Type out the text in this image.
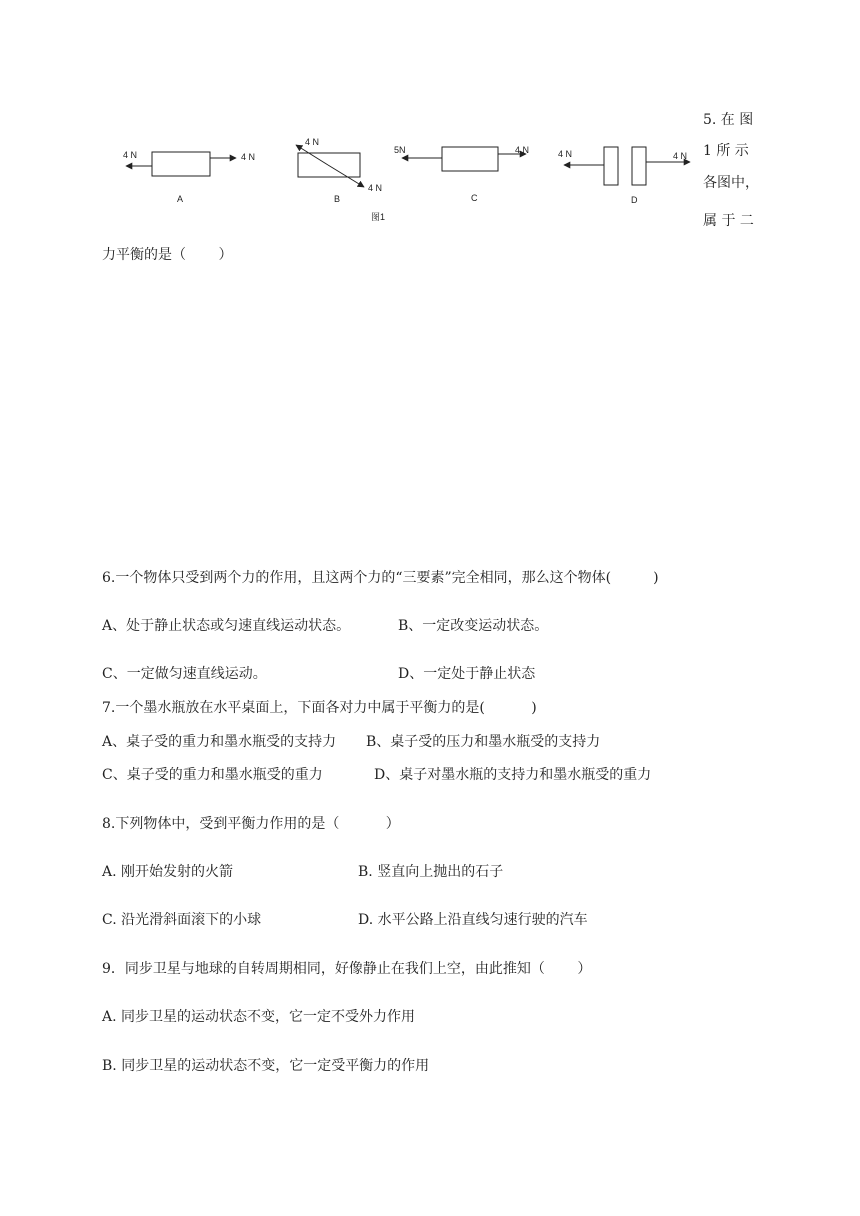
4 N	4 N
A
4 N
4 N
B
5N	4 N
C
4 N	4 N
D
图1
5. 在 图
1 所 示
各图中，
属 于 二
力平衡的是（　　 ）
6.一个物体只受到两个力的作用，且这两个力的“三要素”完全相同，那么这个物体(　　　)
A、处于静止状态或匀速直线运动状态。	B、一定改变运动状态。
C、一定做匀速直线运动。	D、一定处于静止状态
7.一个墨水瓶放在水平桌面上，下面各对力中属于平衡力的是(　　　 )
A、桌子受的重力和墨水瓶受的支持力 B、桌子受的压力和墨水瓶受的支持力
C、桌子受的重力和墨水瓶受的重力	D、桌子对墨水瓶的支持力和墨水瓶受的重力
8.下列物体中，受到平衡力作用的是（　　　 ）
A. 刚开始发射的火箭	B. 竖直向上抛出的石子
C. 沿光滑斜面滚下的小球	D. 水平公路上沿直线匀速行驶的汽车
9．同步卫星与地球的自转周期相同，好像静止在我们上空，由此推知（　　 ）
A. 同步卫星的运动状态不变，它一定不受外力作用
B. 同步卫星的运动状态不变，它一定受平衡力的作用
